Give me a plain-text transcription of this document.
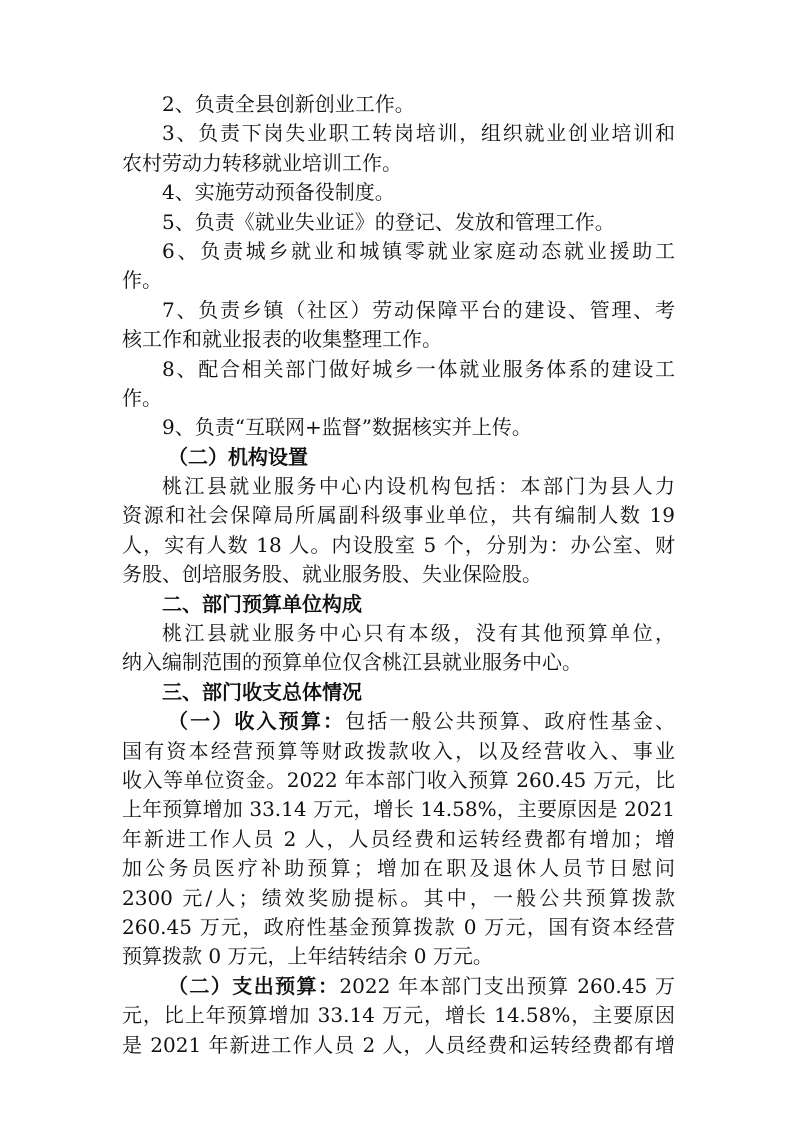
2、负责全县创新创业工作。
3、负责下岗失业职工转岗培训，组织就业创业培训和
农村劳动力转移就业培训工作。
4、实施劳动预备役制度。
5、负责《就业失业证》的登记、发放和管理工作。
6、负责城乡就业和城镇零就业家庭动态就业援助工
作。
7、负责乡镇（社区）劳动保障平台的建设、管理、考
核工作和就业报表的收集整理工作。
8、配合相关部门做好城乡一体就业服务体系的建设工
作。
9、负责“互联网+监督”数据核实并上传。
（二）机构设置
桃江县就业服务中心内设机构包括：本部门为县人力
资源和社会保障局所属副科级事业单位，共有编制人数 19
人，实有人数 18 人。内设股室 5 个，分别为：办公室、财
务股、创培服务股、就业服务股、失业保险股。
二、部门预算单位构成
桃江县就业服务中心只有本级，没有其他预算单位，
纳入编制范围的预算单位仅含桃江县就业服务中心。
三、部门收支总体情况
（一）收入预算：包括一般公共预算、政府性基金、
国有资本经营预算等财政拨款收入，以及经营收入、事业
收入等单位资金。2022 年本部门收入预算 260.45 万元，比
上年预算增加 33.14 万元，增长 14.58%，主要原因是 2021
年新进工作人员 2 人，人员经费和运转经费都有增加；增
加公务员医疗补助预算；增加在职及退休人员节日慰问
2300 元/人；绩效奖励提标。其中，一般公共预算拨款
260.45 万元，政府性基金预算拨款 0 万元，国有资本经营
预算拨款 0 万元，上年结转结余 0 万元。
（二）支出预算：2022 年本部门支出预算 260.45 万
元，比上年预算增加 33.14 万元，增长 14.58%，主要原因
是 2021 年新进工作人员 2 人，人员经费和运转经费都有增
